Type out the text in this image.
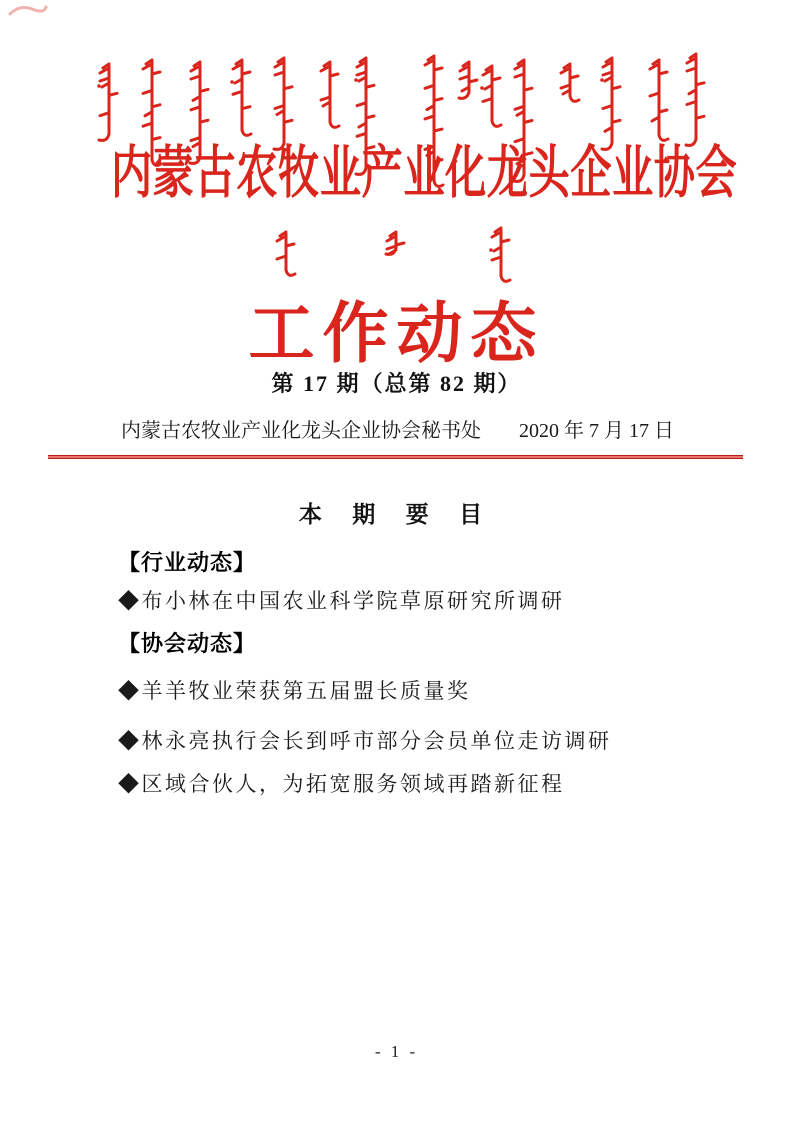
内蒙古农牧业产业化龙头企业协会
工作动态
第 17 期（总第 82 期）
内蒙古农牧业产业化龙头企业协会秘书处 2020 年 7 月 17 日
本 期 要 目
【行业动态】
◆布小林在中国农业科学院草原研究所调研
【协会动态】
◆羊羊牧业荣获第五届盟长质量奖
◆林永亮执行会长到呼市部分会员单位走访调研
◆区域合伙人，为拓宽服务领域再踏新征程
- 1 -
